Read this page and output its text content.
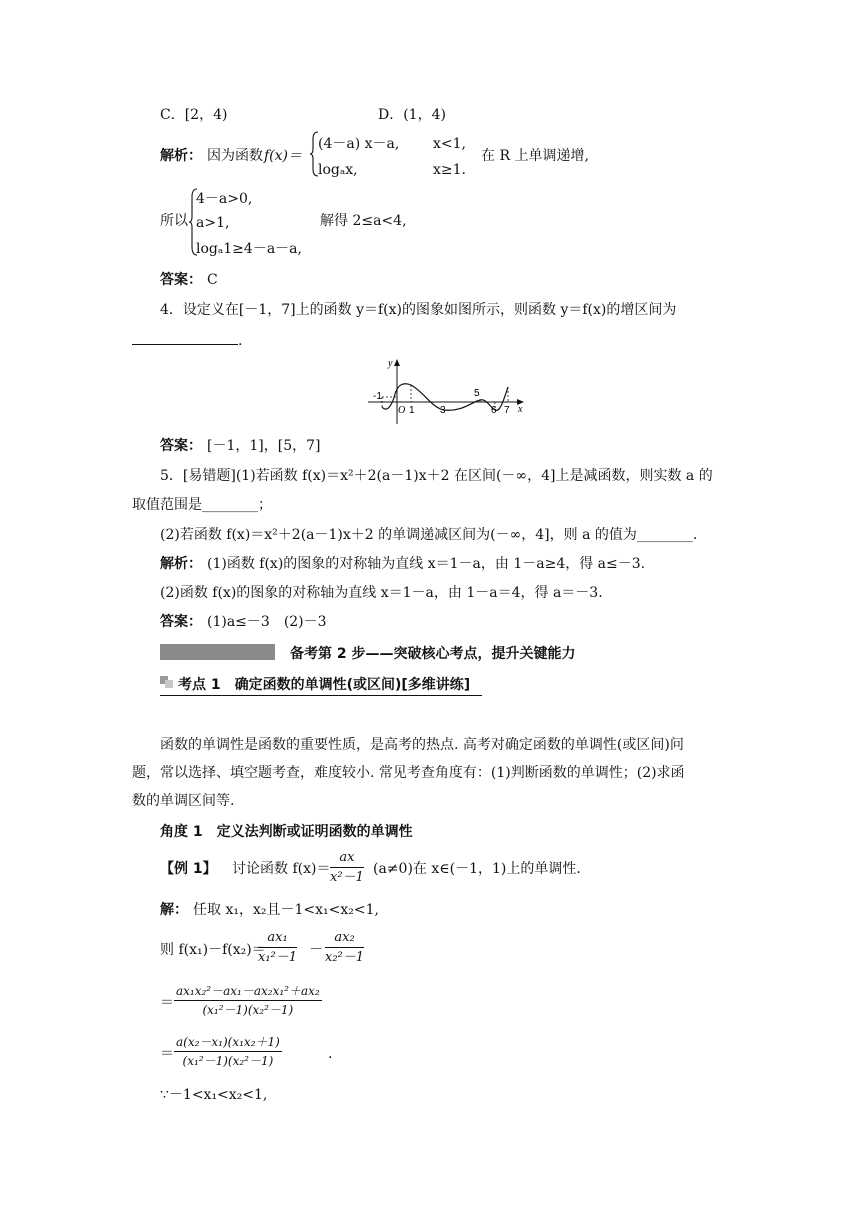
C．[2，4)	D．(1，4)
解析： 因为函数 f(x)＝
(4－a) x－a, x<1,
logₐx,	x≥1.
在 R 上单调递增,
所以
4－a>0,
a>1,
logₐ1≥4－a－a,
解得 2≤a<4,
答案： C
4．设定义在[－1，7]上的函数 y＝f(x)的图象如图所示，则函数 y＝f(x)的增区间为
.
y
x
-1
O 1	3
5
6 7
答案： [－1，1]，[5，7]
5．[易错题](1)若函数 f(x)＝x²＋2(a－1)x＋2 在区间(－∞，4]上是减函数，则实数 a 的
取值范围是________；
(2)若函数 f(x)＝x²＋2(a－1)x＋2 的单调递减区间为(－∞，4]，则 a 的值为________.
解析： (1)函数 f(x)的图象的对称轴为直线 x＝1－a，由 1－a≥4，得 a≤－3.
(2)函数 f(x)的图象的对称轴为直线 x＝1－a，由 1－a＝4，得 a＝－3.
答案： (1)a≤－3　(2)－3
备考第 2 步——突破核心考点，提升关键能力
考点 1　确定函数的单调性(或区间)[多维讲练]
函数的单调性是函数的重要性质，是高考的热点. 高考对确定函数的单调性(或区间)问
题，常以选择、填空题考查，难度较小. 常见考查角度有：(1)判断函数的单调性；(2)求函
数的单调区间等.
角度 1　定义法判断或证明函数的单调性
【例 1】 讨论函数 $f(x)= \frac{ax}{\text{x²－1}} (a\ne 0)$在 x∈(－1，1)上的单调性.
解： 任取 x₁，x₂且－1<x₁<x₂<1,
则 f(x₁)－f(x₂)＝
$\frac{\text{ax₁}}{\text{x₁²－1}} - \frac{\text{ax₂}}{\text{x₂²－1}}$
＝ $\frac{\text{ax₁x₂²－ax₁－ax₂x₁²＋ax₂}}{\text{(x₁²－1)(x₂²－1)}}$
＝ $\frac{\text{a(x₂－x₁)(x₁x₂＋1)}}{\text{(x₁²－1)(x₂²－1)}}$	.
∵－1<x₁<x₂<1,
